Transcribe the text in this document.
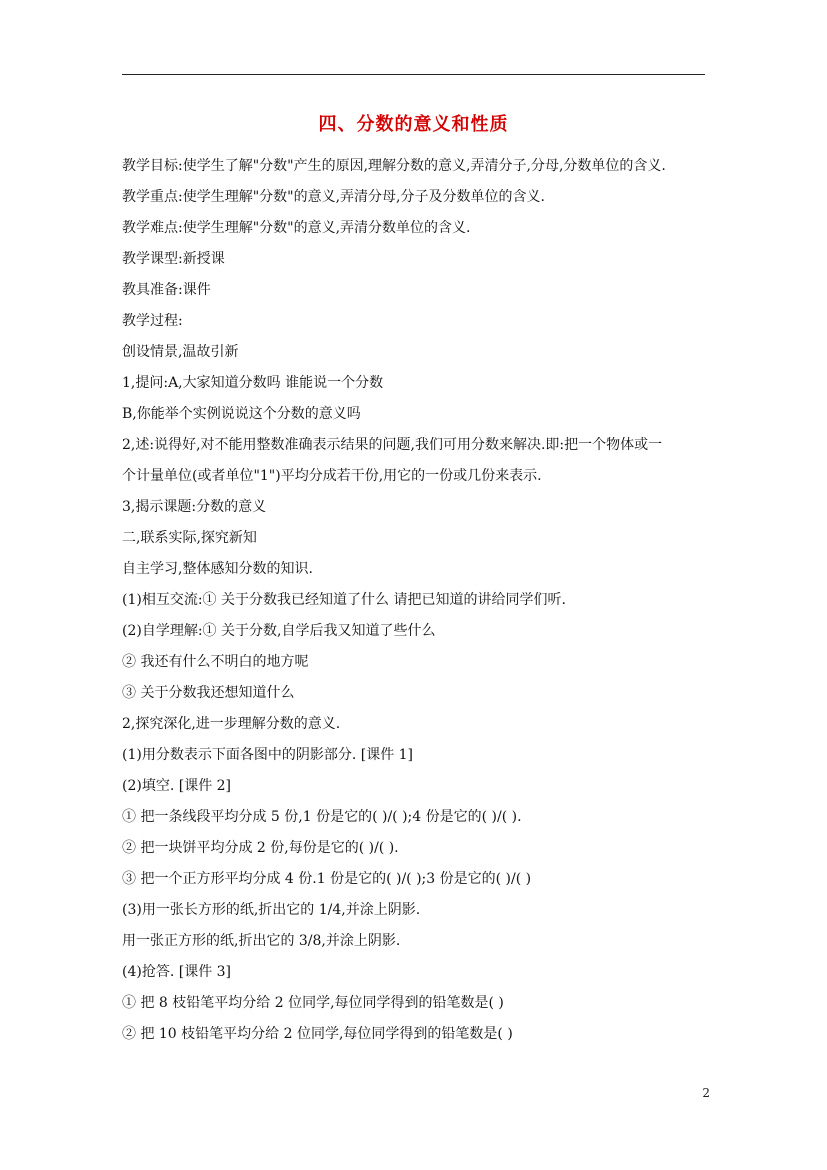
四、分数的意义和性质
教学目标:使学生了解"分数"产生的原因,理解分数的意义,弄清分子,分母,分数单位的含义.
教学重点:使学生理解"分数"的意义,弄清分母,分子及分数单位的含义.
教学难点:使学生理解"分数"的意义,弄清分数单位的含义.
教学课型:新授课
教具准备:课件
教学过程:
创设情景,温故引新
1,提问:A,大家知道分数吗 谁能说一个分数
B,你能举个实例说说这个分数的意义吗
2,述:说得好,对不能用整数准确表示结果的问题,我们可用分数来解决.即:把一个物体或一
个计量单位(或者单位"1")平均分成若干份,用它的一份或几份来表示.
3,揭示课题:分数的意义
二,联系实际,探究新知
自主学习,整体感知分数的知识.
(1)相互交流:① 关于分数我已经知道了什么 请把已知道的讲给同学们听.
(2)自学理解:① 关于分数,自学后我又知道了些什么
② 我还有什么不明白的地方呢
③ 关于分数我还想知道什么
2,探究深化,进一步理解分数的意义.
(1)用分数表示下面各图中的阴影部分. [课件 1]
(2)填空. [课件 2]
① 把一条线段平均分成 5 份,1 份是它的( )/( );4 份是它的( )/( ).
② 把一块饼平均分成 2 份,每份是它的( )/( ).
③ 把一个正方形平均分成 4 份.1 份是它的( )/( );3 份是它的( )/( )
(3)用一张长方形的纸,折出它的 1/4,并涂上阴影.
用一张正方形的纸,折出它的 3/8,并涂上阴影.
(4)抢答. [课件 3]
① 把 8 枝铅笔平均分给 2 位同学,每位同学得到的铅笔数是( )
② 把 10 枝铅笔平均分给 2 位同学,每位同学得到的铅笔数是( )
2
